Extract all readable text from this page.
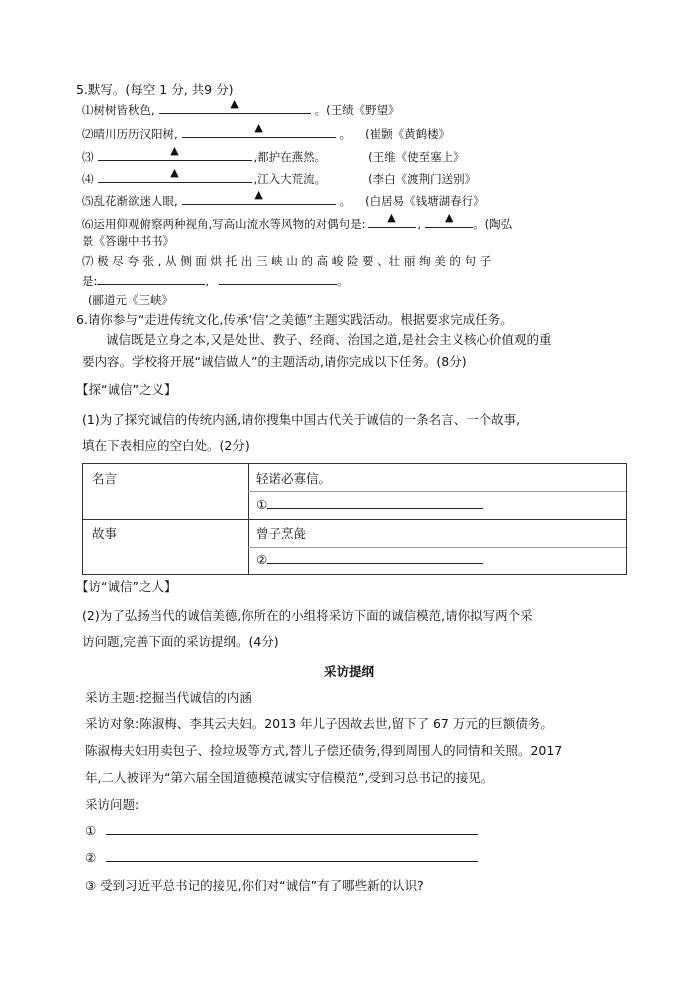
5.默写。(每空 1 分, 共9 分)
⑴树树皆秋色,	▲	。(王绩《野望》
⑵晴川历历汉阳树,	▲	。 (崔颢《黄鹤楼》
⑶	▲	,都护在燕然。	(王维《使至塞上》
⑷	▲	,江入大荒流。	(李白《渡荆门送别》
⑸乱花渐欲迷人眼,	▲	。 (白居易《钱塘湖春行》
⑹运用仰观俯察两种视角,写高山流水等风物的对偶句是: ▲ , ▲ 。(陶弘
景《答谢中书书》
⑺ 极 尽 夸 张 , 从 侧 面 烘 托 出 三 峡 山 的 高 峻 险 要 、壮 丽 绚 美 的 句 子
是:	,	。
(郦道元《三峡》
6.请你参与“走进传统文化,传承‘信’之美德”主题实践活动。根据要求完成任务。
诚信既是立身之本,又是处世、教子、经商、治国之道,是社会主义核心价值观的重
要内容。学校将开展“诚信做人”的主题活动,请你完成以下任务。(8分)
【探“诚信”之义】
(1)为了探究诚信的传统内涵,请你搜集中国古代关于诚信的一条名言、一个故事,
填在下表相应的空白处。(2分)
名言	轻诺必寡信。
①
故事	曾子烹彘
②
【访“诚信”之人】
(2)为了弘扬当代的诚信美德,你所在的小组将采访下面的诚信模范,请你拟写两个采
访问题,完善下面的采访提纲。(4分)
采访提纲
采访主题:挖掘当代诚信的内涵
采访对象:陈淑梅、李其云夫妇。2013 年儿子因故去世,留下了 67 万元的巨额债务。
陈淑梅夫妇用卖包子、捡垃圾等方式,替儿子偿还债务,得到周围人的同情和关照。2017
年,二人被评为“第六届全国道德模范诚实守信模范”,受到习总书记的接见。
采访问题:
①
②
③ 受到习近平总书记的接见,你们对“诚信”有了哪些新的认识?
